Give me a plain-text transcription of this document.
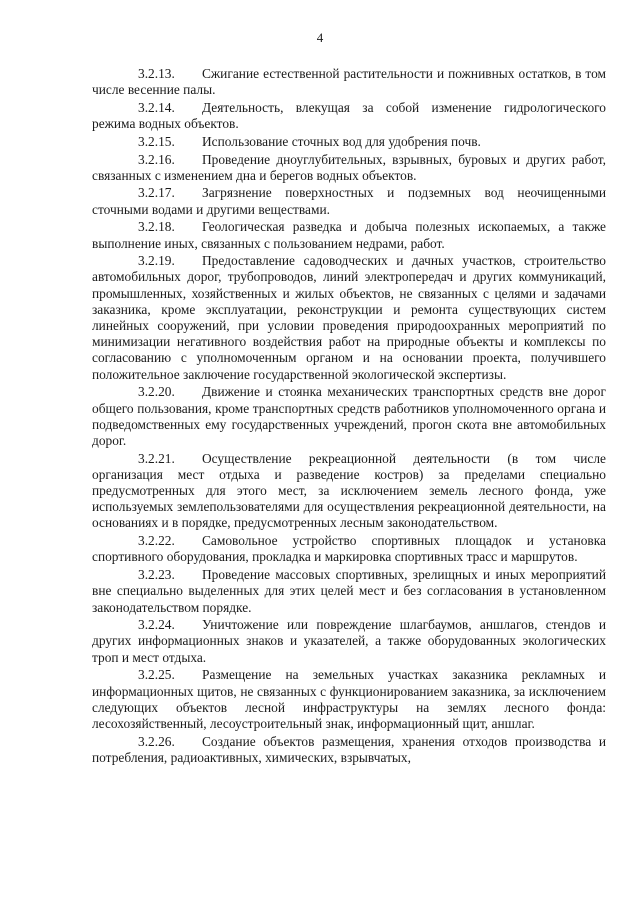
4

3.2.13. Сжигание естественной растительности и пожнивных остатков, в том числе весенние палы.

3.2.14. Деятельность, влекущая за собой изменение гидрологического режима водных объектов.

3.2.15. Использование сточных вод для удобрения почв.

3.2.16. Проведение дноуглубительных, взрывных, буровых и других работ, связанных с изменением дна и берегов водных объектов.

3.2.17. Загрязнение поверхностных и подземных вод неочищенными сточными водами и другими веществами.

3.2.18. Геологическая разведка и добыча полезных ископаемых, а также выполнение иных, связанных с пользованием недрами, работ.

3.2.19. Предоставление садоводческих и дачных участков, строительство автомобильных дорог, трубопроводов, линий электропередач и других коммуникаций, промышленных, хозяйственных и жилых объектов, не связанных с целями и задачами заказника, кроме эксплуатации, реконструкции и ремонта существующих систем линейных сооружений, при условии проведения природоохранных мероприятий по минимизации негативного воздействия работ на природные объекты и комплексы по согласованию с уполномоченным органом и на основании проекта, получившего положительное заключение государственной экологической экспертизы.

3.2.20. Движение и стоянка механических транспортных средств вне дорог общего пользования, кроме транспортных средств работников уполномоченного органа и подведомственных ему государственных учреждений, прогон скота вне автомобильных дорог.

3.2.21. Осуществление рекреационной деятельности (в том числе организация мест отдыха и разведение костров) за пределами специально предусмотренных для этого мест, за исключением земель лесного фонда, уже используемых землепользователями для осуществления рекреационной деятельности, на основаниях и в порядке, предусмотренных лесным законодательством.

3.2.22. Самовольное устройство спортивных площадок и установка спортивного оборудования, прокладка и маркировка спортивных трасс и маршрутов.

3.2.23. Проведение массовых спортивных, зрелищных и иных мероприятий вне специально выделенных для этих целей мест и без согласования в установленном законодательством порядке.

3.2.24. Уничтожение или повреждение шлагбаумов, аншлагов, стендов и других информационных знаков и указателей, а также оборудованных экологических троп и мест отдыха.

3.2.25. Размещение на земельных участках заказника рекламных и информационных щитов, не связанных с функционированием заказника, за исключением следующих объектов лесной инфраструктуры на землях лесного фонда: лесохозяйственный, лесоустроительный знак, информационный щит, аншлаг.

3.2.26. Создание объектов размещения, хранения отходов производства и потребления, радиоактивных, химических, взрывчатых,
